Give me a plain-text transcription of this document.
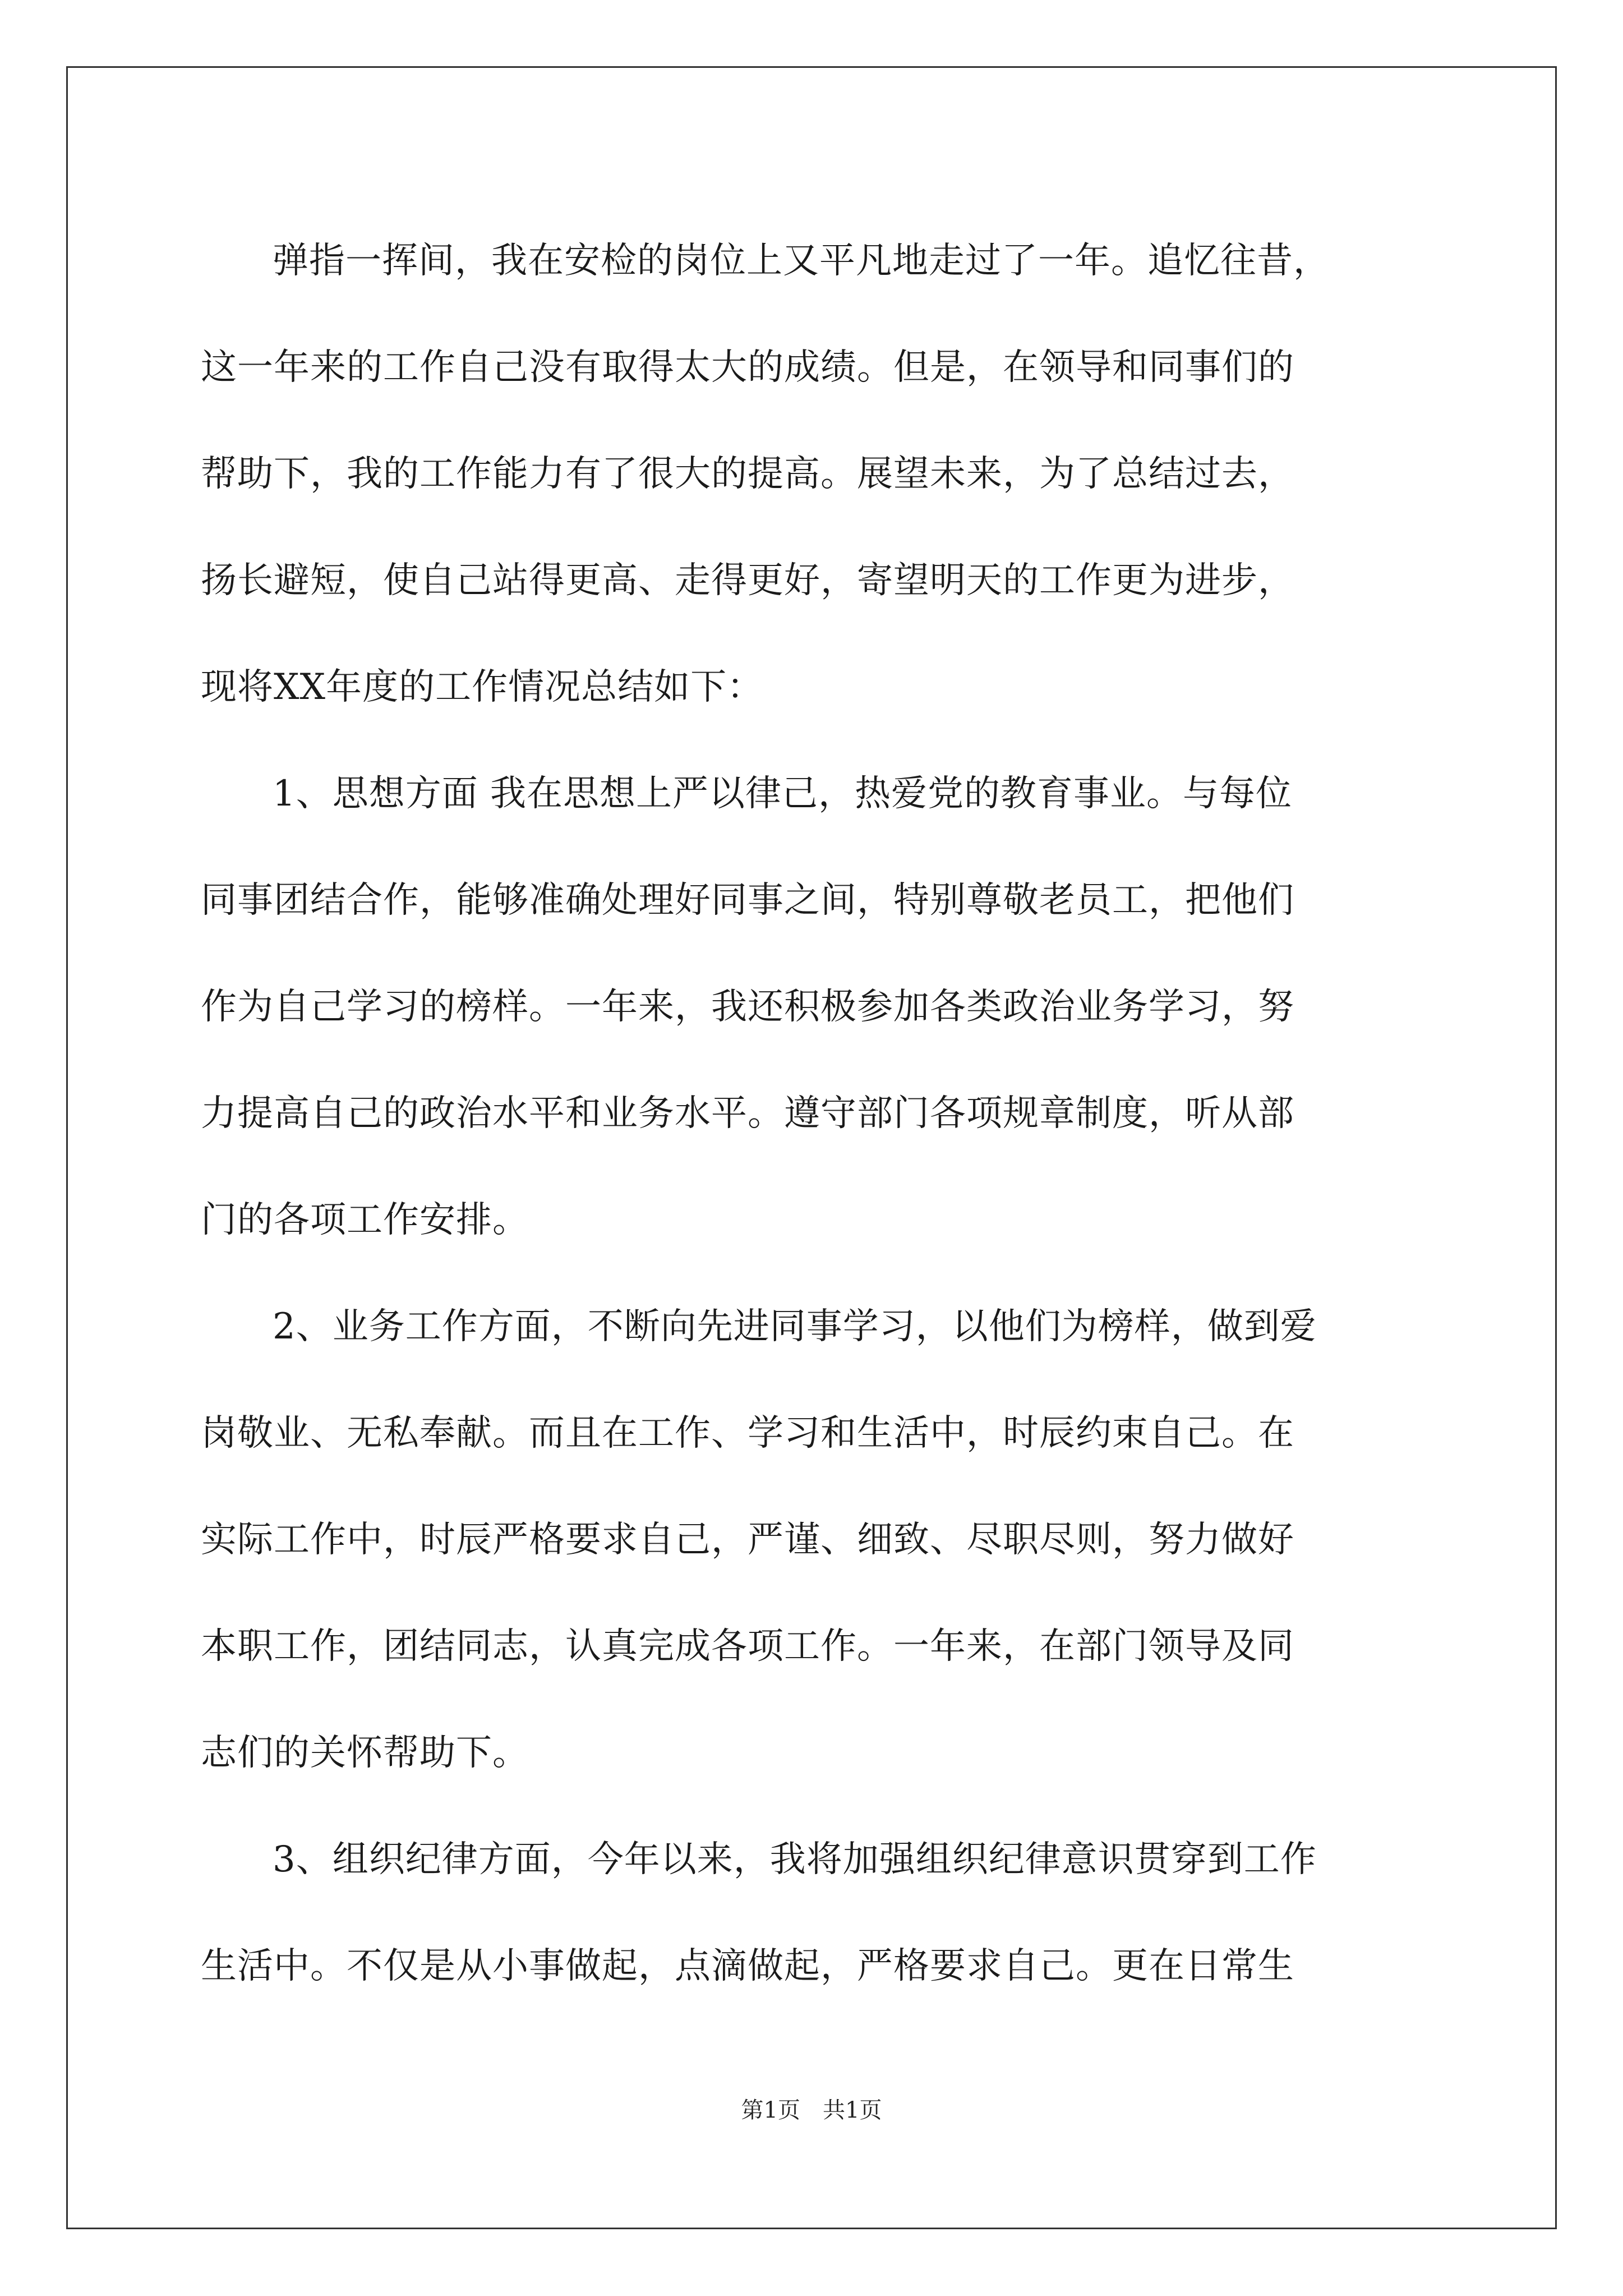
弹指一挥间，我在安检的岗位上又平凡地走过了一年。追忆往昔，
这一年来的工作自己没有取得太大的成绩。但是，在领导和同事们的
帮助下，我的工作能力有了很大的提高。展望未来，为了总结过去，
扬长避短，使自己站得更高、走得更好，寄望明天的工作更为进步，
现将XX年度的工作情况总结如下：
1、思想方面 我在思想上严以律己，热爱党的教育事业。与每位
同事团结合作，能够准确处理好同事之间，特别尊敬老员工，把他们
作为自己学习的榜样。一年来，我还积极参加各类政治业务学习，努
力提高自己的政治水平和业务水平。遵守部门各项规章制度，听从部
门的各项工作安排。
2、业务工作方面，不断向先进同事学习，以他们为榜样，做到爱
岗敬业、无私奉献。而且在工作、学习和生活中，时辰约束自己。在
实际工作中，时辰严格要求自己，严谨、细致、尽职尽则，努力做好
本职工作，团结同志，认真完成各项工作。一年来，在部门领导及同
志们的关怀帮助下。
3、组织纪律方面，今年以来，我将加强组织纪律意识贯穿到工作
生活中。不仅是从小事做起，点滴做起，严格要求自己。更在日常生
第1页　共1页
